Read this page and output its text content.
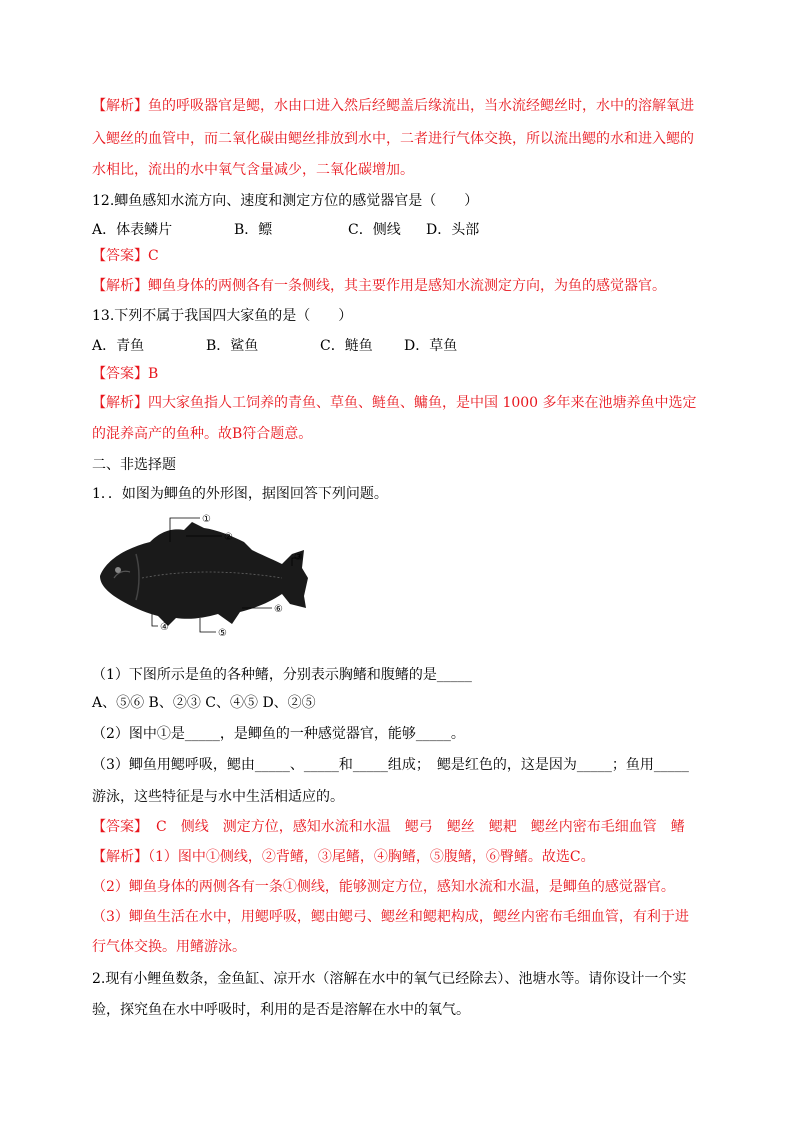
【解析】鱼的呼吸器官是鳃，水由口进入然后经鳃盖后缘流出，当水流经鳃丝时，水中的溶解氧进
入鳃丝的血管中，而二氧化碳由鳃丝排放到水中，二者进行气体交换，所以流出鳃的水和进入鳃的
水相比，流出的水中氧气含量减少，二氧化碳增加。
12.鲫鱼感知水流方向、速度和测定方位的感觉器官是（　　）
A．体表鳞片	B．鳔	C．侧线 D．头部
【答案】C
【解析】鲫鱼身体的两侧各有一条侧线，其主要作用是感知水流测定方向，为鱼的感觉器官。
13.下列不属于我国四大家鱼的是（　　）
A．青鱼	B．鲨鱼	C．鲢鱼 D．草鱼
【答案】B
【解析】四大家鱼指人工饲养的青鱼、草鱼、鲢鱼、鳙鱼，是中国 1000 多年来在池塘养鱼中选定
的混养高产的鱼种。故B符合题意。
二、非选择题
1．．如图为鲫鱼的外形图，据图回答下列问题。
①
②
③
④
⑤
⑥
（1）下图所示是鱼的各种鳍，分别表示胸鳍和腹鳍的是_____
A、⑤⑥ B、②③ C、④⑤ D、②⑤
（2）图中①是_____，是鲫鱼的一种感觉器官，能够_____。
（3）鲫鱼用鳃呼吸，鳃由_____、_____和_____组成；　鳃是红色的，这是因为_____；鱼用_____
游泳，这些特征是与水中生活相适应的。
【答案】 C　侧线　测定方位，感知水流和水温　鳃弓　鳃丝　鳃耙　鳃丝内密布毛细血管　鳍
【解析】（1）图中①侧线，②背鳍，③尾鳍，④胸鳍，⑤腹鳍，⑥臀鳍。故选C。
（2）鲫鱼身体的两侧各有一条①侧线，能够测定方位，感知水流和水温，是鲫鱼的感觉器官。
（3）鲫鱼生活在水中，用鳃呼吸，鳃由鳃弓、鳃丝和鳃耙构成，鳃丝内密布毛细血管，有利于进
行气体交换。用鳍游泳。
2.现有小鲤鱼数条，金鱼缸、凉开水（溶解在水中的氧气已经除去）、池塘水等。请你设计一个实
验，探究鱼在水中呼吸时，利用的是否是溶解在水中的氧气。
